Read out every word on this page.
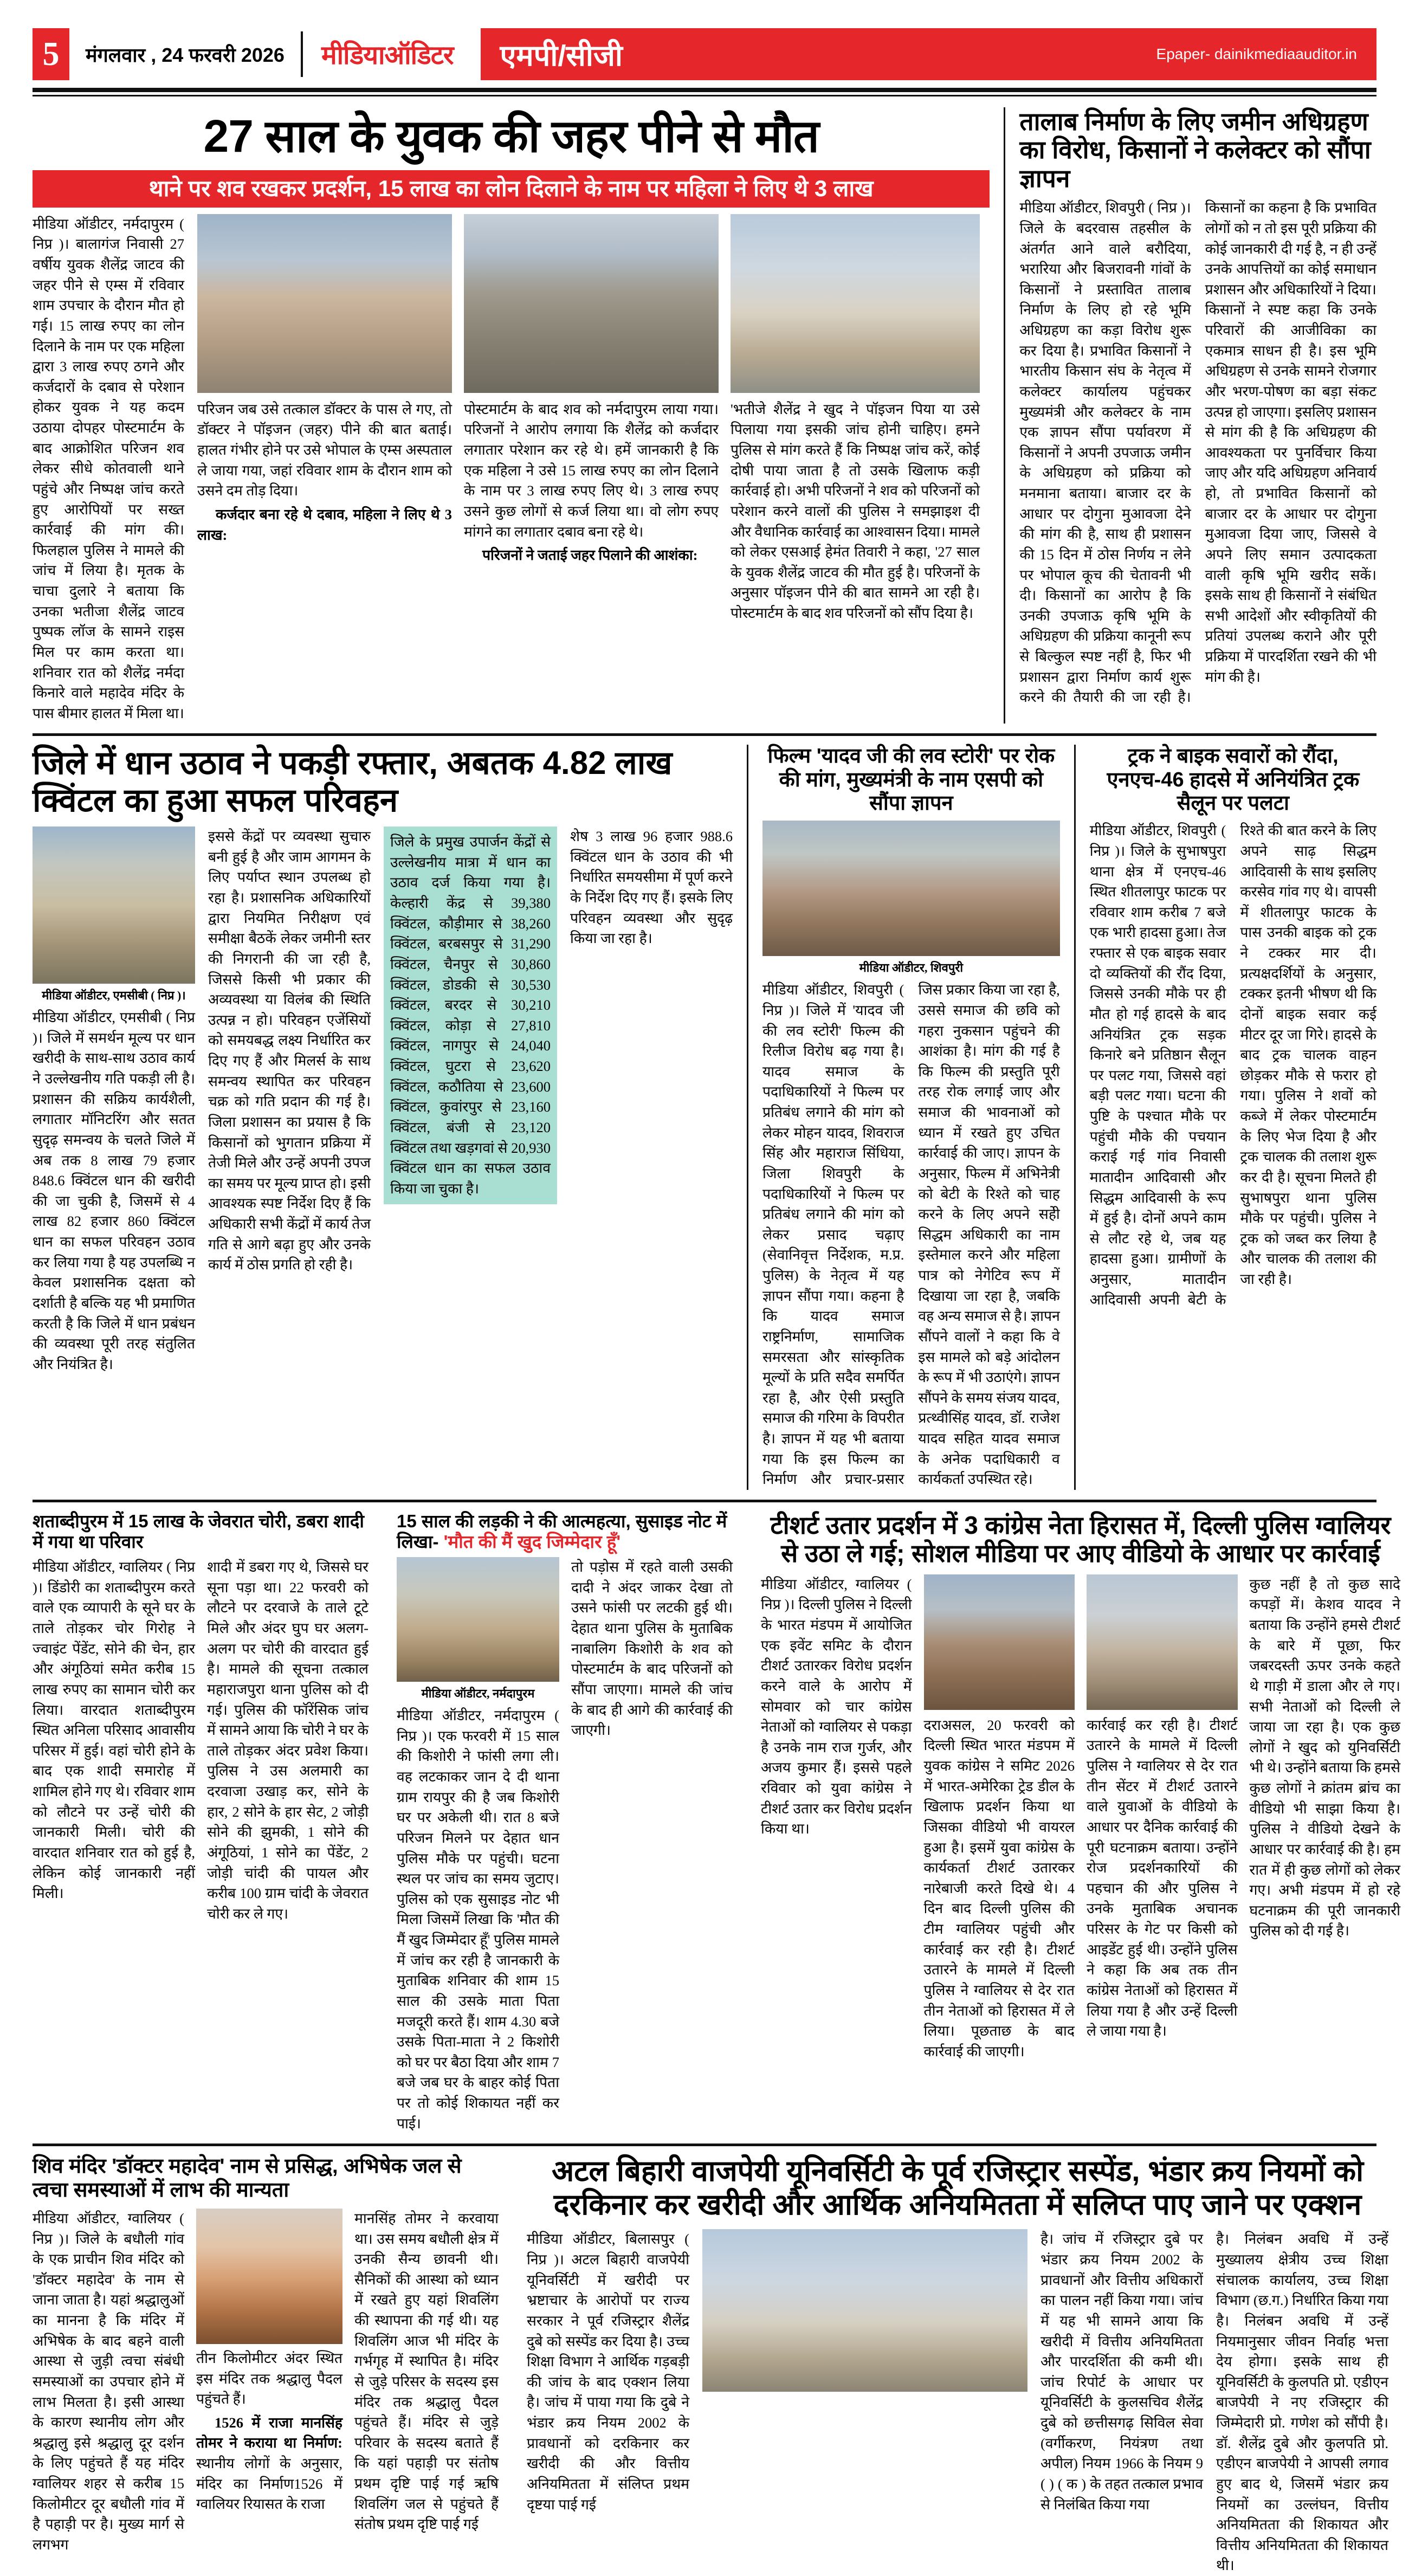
5	मंगलवार , 24 फरवरी 2026	मीडियाऑडिटर एमपी/सीजी	Epaper- dainikmediaauditor.in
27 साल के युवक की जहर पीने से मौत
थाने पर शव रखकर प्रदर्शन, 15 लाख का लोन दिलाने के नाम पर महिला ने लिए थे 3 लाख

मीडिया ऑडीटर, नर्मदापुरम ( निप्र )। बालागंज निवासी 27 वर्षीय युवक शैलेंद्र जाटव की जहर पीने से एम्स में रविवार शाम उपचार के दौरान मौत हो गई। 15 लाख रुपए का लोन दिलाने के नाम पर एक महिला द्वारा 3 लाख रुपए ठगने और कर्जदारों के दबाव से परेशान होकर युवक ने यह कदम उठाया दोपहर पोस्टमार्टम के बाद आक्रोशित परिजन शव लेकर सीधे कोतवाली थाने पहुंचे और निष्पक्ष जांच करते हुए आरोपियों पर सख्त कार्रवाई की मांग की। फिलहाल पुलिस ने मामले की जांच में लिया है। मृतक के चाचा दुलारे ने बताया कि उनका भतीजा शैलेंद्र जाटव पुष्पक लॉज के सामने राइस मिल पर काम करता था। शनिवार रात को शैलेंद्र नर्मदा किनारे वाले महादेव मंदिर के पास बीमार हालत में मिला था।

परिजन जब उसे तत्काल डॉक्टर के पास ले गए, तो डॉक्टर ने पॉइजन (जहर) पीने की बात बताई। हालत गंभीर होने पर उसे भोपाल के एम्स अस्पताल ले जाया गया, जहां रविवार शाम के दौरान शाम को उसने दम तोड़ दिया।

कर्जदार बना रहे थे दबाव, महिला ने लिए थे 3 लाख:

पोस्टमार्टम के बाद शव को नर्मदापुरम लाया गया। परिजनों ने आरोप लगाया कि शैलेंद्र को कर्जदार लगातार परेशान कर रहे थे। हमें जानकारी है कि एक महिला ने उसे 15 लाख रुपए का लोन दिलाने के नाम पर 3 लाख रुपए लिए थे। 3 लाख रुपए उसने कुछ लोगों से कर्ज लिया था। वो लोग रुपए मांगने का लगातार दबाव बना रहे थे।

परिजनों ने जताई जहर पिलाने की आशंका:

'भतीजे शैलेंद्र ने खुद ने पॉइजन पिया या उसे पिलाया गया इसकी जांच होनी चाहिए। हमने पुलिस से मांग करते हैं कि निष्पक्ष जांच करें, कोई दोषी पाया जाता है तो उसके खिलाफ कड़ी कार्रवाई हो। अभी परिजनों ने शव को परिजनों को परेशान करने वालों की पुलिस ने समझाइश दी और वैधानिक कार्रवाई का आश्वासन दिया। मामले को लेकर एसआई हेमंत तिवारी ने कहा, '27 साल के युवक शैलेंद्र जाटव की मौत हुई है। परिजनों के अनुसार पॉइजन पीने की बात सामने आ रही है। पोस्टमार्टम के बाद शव परिजनों को सौंप दिया है।

तालाब निर्माण के लिए जमीन अधिग्रहण का विरोध, किसानों ने कलेक्टर को सौंपा ज्ञापन

मीडिया ऑडीटर, शिवपुरी ( निप्र )। जिले के बदरवास तहसील के अंतर्गत आने वाले बरौदिया, भरारिया और बिजरावनी गांवों के किसानों ने प्रस्तावित तालाब निर्माण के लिए हो रहे भूमि अधिग्रहण का कड़ा विरोध शुरू कर दिया है। प्रभावित किसानों ने भारतीय किसान संघ के नेतृत्व में कलेक्टर कार्यालय पहुंचकर मुख्यमंत्री और कलेक्टर के नाम एक ज्ञापन सौंपा पर्यावरण में किसानों ने अपनी उपजाऊ जमीन के अधिग्रहण को प्रक्रिया को मनमाना बताया। बाजार दर के आधार पर दोगुना मुआवजा देने की मांग की है, साथ ही प्रशासन की 15 दिन में ठोस निर्णय न लेने पर भोपाल कूच की चेतावनी भी दी। किसानों का आरोप है कि उनकी उपजाऊ कृषि भूमि के अधिग्रहण की प्रक्रिया कानूनी रूप से बिल्कुल स्पष्ट नहीं है, फिर भी प्रशासन द्वारा निर्माण कार्य शुरू करने की तैयारी की जा रही है। किसानों का कहना है कि प्रभावित लोगों को न तो इस पूरी प्रक्रिया की कोई जानकारी दी गई है, न ही उन्हें उनके आपत्तियों का कोई समाधान प्रशासन और अधिकारियों ने दिया। किसानों ने स्पष्ट कहा कि उनके परिवारों की आजीविका का एकमात्र साधन ही है। इस भूमि अधिग्रहण से उनके सामने रोजगार और भरण-पोषण का बड़ा संकट उत्पन्न हो जाएगा। इसलिए प्रशासन से मांग की है कि अधिग्रहण की आवश्यकता पर पुनर्विचार किया जाए और यदि अधिग्रहण अनिवार्य हो, तो प्रभावित किसानों को बाजार दर के आधार पर दोगुना मुआवजा दिया जाए, जिससे वे अपने लिए समान उत्पादकता वाली कृषि भूमि खरीद सकें। इसके साथ ही किसानों ने संबंधित सभी आदेशों और स्वीकृतियों की प्रतियां उपलब्ध कराने और पूरी प्रक्रिया में पारदर्शिता रखने की भी मांग की है।

जिले में धान उठाव ने पकड़ी रफ्तार, अबतक 4.82 लाख क्विंटल का हुआ सफल परिवहन
मीडिया ऑडीटर, एमसीबी ( निप्र )।

मीडिया ऑडीटर, एमसीबी ( निप्र )। जिले में समर्थन मूल्य पर धान खरीदी के साथ-साथ उठाव कार्य ने उल्लेखनीय गति पकड़ी ली है। प्रशासन की सक्रिय कार्यशैली, लगातार मॉनिटरिंग और सतत सुदृढ़ समन्वय के चलते जिले में अब तक 8 लाख 79 हजार 848.6 क्विंटल धान की खरीदी की जा चुकी है, जिसमें से 4 लाख 82 हजार 860 क्विंटल धान का सफल परिवहन उठाव कर लिया गया है यह उपलब्धि न केवल प्रशासनिक दक्षता को दर्शाती है बल्कि यह भी प्रमाणित करती है कि जिले में धान प्रबंधन की व्यवस्था पूरी तरह संतुलित और नियंत्रित है।

इससे केंद्रों पर व्यवस्था सुचारु बनी हुई है और जाम आगमन के लिए पर्याप्त स्थान उपलब्ध हो रहा है। प्रशासनिक अधिकारियों द्वारा नियमित निरीक्षण एवं समीक्षा बैठकें लेकर जमीनी स्तर की निगरानी की जा रही है, जिससे किसी भी प्रकार की अव्यवस्था या विलंब की स्थिति उत्पन्न न हो। परिवहन एजेंसियों को समयबद्ध लक्ष्य निर्धारित कर दिए गए हैं और मिलर्स के साथ समन्वय स्थापित कर परिवहन चक्र को गति प्रदान की गई है। जिला प्रशासन का प्रयास है कि किसानों को भुगतान प्रक्रिया में तेजी मिले और उन्हें अपनी उपज का समय पर मूल्य प्राप्त हो। इसी आवश्यक स्पष्ट निर्देश दिए हैं कि अधिकारी सभी केंद्रों में कार्य तेज गति से आगे बढ़ा हुए और उनके कार्य में ठोस प्रगति हो रही है।

जिले के प्रमुख उपार्जन केंद्रों से उल्लेखनीय मात्रा में धान का उठाव दर्ज किया गया है। केल्हारी केंद्र से 39,380 क्विंटल, कौड़ीमार से 38,260 क्विंटल, बरबसपुर से 31,290 क्विंटल, चैनपुर से 30,860 क्विंटल, डोडकी से 30,530 क्विंटल, बरदर से 30,210 क्विंटल, कोड़ा से 27,810 क्विंटल, नागपुर से 24,040 क्विंटल, घुटरा से 23,620 क्विंटल, कठौतिया से 23,600 क्विंटल, कुवांरपुर से 23,160 क्विंटल, बंजी से 23,120 क्विंटल तथा खड़गवां से 20,930 क्विंटल धान का सफल उठाव किया जा चुका है।

शेष 3 लाख 96 हजार 988.6 क्विंटल धान के उठाव की भी निर्धारित समयसीमा में पूर्ण करने के निर्देश दिए गए हैं। इसके लिए परिवहन व्यवस्था और सुदृढ़ किया जा रहा है।

फिल्म 'यादव जी की लव स्टोरी' पर रोक की मांग, मुख्यमंत्री के नाम एसपी को सौंपा ज्ञापन
मीडिया ऑडीटर, शिवपुरी

मीडिया ऑडीटर, शिवपुरी ( निप्र )। जिले में 'यादव जी की लव स्टोरी' फिल्म की रिलीज विरोध बढ़ गया है। यादव समाज के पदाधिकारियों ने फिल्म पर प्रतिबंध लगाने की मांग को लेकर मोहन यादव, शिवराज सिंह और महाराज सिंधिया, जिला शिवपुरी के पदाधिकारियों ने फिल्म पर प्रतिबंध लगाने की मांग को लेकर प्रसाद चढ़ाए (सेवानिवृत्त निर्देशक, म.प्र. पुलिस) के नेतृत्व में यह ज्ञापन सौंपा गया। कहना है कि यादव समाज राष्ट्रनिर्माण, सामाजिक समरसता और सांस्कृतिक मूल्यों के प्रति सदैव समर्पित रहा है, और ऐसी प्रस्तुति समाज की गरिमा के विपरीत है। ज्ञापन में यह भी बताया गया कि इस फिल्म का निर्माण और प्रचार-प्रसार जिस प्रकार किया जा रहा है, उससे समाज की छवि को गहरा नुकसान पहुंचने की आशंका है। मांग की गई है कि फिल्म की प्रस्तुति पूरी तरह रोक लगाई जाए और समाज की भावनाओं को ध्यान में रखते हुए उचित कार्रवाई की जाए। ज्ञापन के अनुसार, फिल्म में अभिनेत्री को बेटी के रिश्ते को चाह करने के लिए अपने सहेी सिद्धम अधिकारी का नाम इस्तेमाल करने और महिला पात्र को नेगेटिव रूप में दिखाया जा रहा है, जबकि वह अन्य समाज से है। ज्ञापन सौंपने वालों ने कहा कि वे इस मामले को बड़े आंदोलन के रूप में भी उठाएंगे। ज्ञापन सौंपने के समय संजय यादव, प्रत्थ्वीसिंह यादव, डॉ. राजेश यादव सहित यादव समाज के अनेक पदाधिकारी व कार्यकर्ता उपस्थित रहे।

ट्रक ने बाइक सवारों को रौंदा, एनएच-46 हादसे में अनियंत्रित ट्रक सैलून पर पलटा

मीडिया ऑडीटर, शिवपुरी ( निप्र )। जिले के सुभाषपुरा थाना क्षेत्र में एनएच-46 स्थित शीतलापुर फाटक पर रविवार शाम करीब 7 बजे एक भारी हादसा हुआ। तेज रफ्तार से एक बाइक सवार दो व्यक्तियों की रौंद दिया, जिससे उनकी मौके पर ही मौत हो गई हादसे के बाद अनियंत्रित ट्रक सड़क किनारे बने प्रतिष्ठान सैलून पर पलट गया, जिससे वहां बड़ी पलट गया। घटना की पुष्टि के पश्चात मौके पर पहुंची मौके की पचयान कराई गई गांव निवासी मातादीन आदिवासी और सिद्धम आदिवासी के रूप में हुई है। दोनों अपने काम से लौट रहे थे, जब यह हादसा हुआ। ग्रामीणों के अनुसार, मातादीन आदिवासी अपनी बेटी के रिश्ते की बात करने के लिए अपने साढ़ सिद्धम आदिवासी के साथ इसलिए करसेव गांव गए थे। वापसी में शीतलापुर फाटक के पास उनकी बाइक को ट्रक ने टक्कर मार दी। प्रत्यक्षदर्शियों के अनुसार, टक्कर इतनी भीषण थी कि दोनों बाइक सवार कई मीटर दूर जा गिरे। हादसे के बाद ट्रक चालक वाहन छोड़कर मौके से फरार हो गया। पुलिस ने शवों को कब्जे में लेकर पोस्टमार्टम के लिए भेज दिया है और ट्रक चालक की तलाश शुरू कर दी है। सूचना मिलते ही सुभाषपुरा थाना पुलिस मौके पर पहुंची। पुलिस ने ट्रक को जब्त कर लिया है और चालक की तलाश की जा रही है।

शताब्दीपुरम में 15 लाख के जेवरात चोरी, डबरा शादी में गया था परिवार

मीडिया ऑडीटर, ग्वालियर ( निप्र )। डिंडोरी का शताब्दीपुरम करते वाले एक व्यापारी के सूने घर के ताले तोड़कर चोर गिरोह ने ज्वाइंट पेंडेंट, सोने की चेन, हार और अंगूठियां समेत करीब 15 लाख रुपए का सामान चोरी कर लिया। वारदात शताब्दीपुरम स्थित अनिला परिसाद आवासीय परिसर में हुई। वहां चोरी होने के बाद एक शादी समारोह में शामिल होने गए थे। रविवार शाम को लौटने पर उन्हें चोरी की जानकारी मिली। चोरी की वारदात शनिवार रात को हुई है, लेकिन कोई जानकारी नहीं मिली।

शादी में डबरा गए थे, जिससे घर सूना पड़ा था। 22 फरवरी को लौटने पर दरवाजे के ताले टूटे मिले और अंदर घुप घर अलग-अलग पर चोरी की वारदात हुई है। मामले की सूचना तत्काल महाराजपुरा थाना पुलिस को दी गई। पुलिस की फॉरेंसिक जांच में सामने आया कि चोरी ने घर के ताले तोड़कर अंदर प्रवेश किया। पुलिस ने उस अलमारी का दरवाजा उखाड़ कर, सोने के हार, 2 सोने के हार सेट, 2 जोड़ी सोने की झुमकी, 1 सोने की अंगूठियां, 1 सोने का पेंडेंट, 2 जोड़ी चांदी की पायल और करीब 100 ग्राम चांदी के जेवरात चोरी कर ले गए।

15 साल की लड़की ने की आत्महत्या, सुसाइड नोट में लिखा- 'मौत की मैं खुद जिम्मेदार हूँ'
मीडिया ऑडीटर, नर्मदापुरम

मीडिया ऑडीटर, नर्मदापुरम ( निप्र )। एक फरवरी में 15 साल की किशोरी ने फांसी लगा ली। वह लटकाकर जान दे दी थाना ग्राम रायपुर की है जब किशोरी घर पर अकेली थी। रात 8 बजे परिजन मिलने पर देहात धान पुलिस मौके पर पहुंची। घटना स्थल पर जांच का समय जुटाए। पुलिस को एक सुसाइड नोट भी मिला जिसमें लिखा कि 'मौत की मैं खुद जिम्मेदार हूँ' पुलिस मामले में जांच कर रही है जानकारी के मुताबिक शनिवार की शाम 15 साल की उसके माता पिता मजदूरी करते हैं। शाम 4.30 बजे उसके पिता-माता ने 2 किशोरी को घर पर बैठा दिया और शाम 7 बजे जब घर के बाहर कोई पिता पर तो कोई शिकायत नहीं कर पाई।

तो पड़ोस में रहते वाली उसकी दादी ने अंदर जाकर देखा तो उसने फांसी पर लटकी हुई थी। देहात थाना पुलिस के मुताबिक नाबालिग किशोरी के शव को पोस्टमार्टम के बाद परिजनों को सौंपा जाएगा। मामले की जांच के बाद ही आगे की कार्रवाई की जाएगी।

टीशर्ट उतार प्रदर्शन में 3 कांग्रेस नेता हिरासत में, दिल्ली पुलिस ग्वालियर से उठा ले गई; सोशल मीडिया पर आए वीडियो के आधार पर कार्रवाई

मीडिया ऑडीटर, ग्वालियर ( निप्र )। दिल्ली पुलिस ने दिल्ली के भारत मंडपम में आयोजित एक इवेंट समिट के दौरान टीशर्ट उतारकर विरोध प्रदर्शन करने वाले के आरोप में सोमवार को चार कांग्रेस नेताओं को ग्वालियर से पकड़ा है उनके नाम राज गुर्जर, और अजय कुमार हैं। इससे पहले रविवार को युवा कांग्रेस ने टीशर्ट उतार कर विरोध प्रदर्शन किया था।

दराअसल, 20 फरवरी को दिल्ली स्थित भारत मंडपम में युवक कांग्रेस ने समिट 2026 में भारत-अमेरिका ट्रेड डील के खिलाफ प्रदर्शन किया था जिसका वीडियो भी वायरल हुआ है। इसमें युवा कांग्रेस के कार्यकर्ता टीशर्ट उतारकर नारेबाजी करते दिखे थे। 4 दिन बाद दिल्ली पुलिस की टीम ग्वालियर पहुंची और कार्रवाई कर रही है। टीशर्ट उतारने के मामले में दिल्ली पुलिस ने ग्वालियर से देर रात तीन नेताओं को हिरासत में ले लिया। पूछताछ के बाद कार्रवाई की जाएगी।

कार्रवाई कर रही है। टीशर्ट उतारने के मामले में दिल्ली पुलिस ने ग्वालियर से देर रात तीन सेंटर में टीशर्ट उतारने वाले युवाओं के वीडियो के आधार पर दैनिक कार्रवाई की पूरी घटनाक्रम बताया। उन्होंने रोज प्रदर्शनकारियों की पहचान की और पुलिस ने उनके मुताबिक अचानक परिसर के गेट पर किसी को आइडेंट हुई थी। उन्होंने पुलिस ने कहा कि अब तक तीन कांग्रेस नेताओं को हिरासत में लिया गया है और उन्हें दिल्ली ले जाया गया है।

कुछ नहीं है तो कुछ सादे कपड़ों में। केशव यादव ने बताया कि उन्होंने हमसे टीशर्ट के बारे में पूछा, फिर जबरदस्ती ऊपर उनके कहते थे गाड़ी में डाला और ले गए। सभी नेताओं को दिल्ली ले जाया जा रहा है। एक कुछ लोगों ने खुद को युनिवर्सिटी भी थे। उन्होंने बताया कि हमसे कुछ लोगों ने क्रांतम ब्रांच का वीडियो भी साझा किया है। पुलिस ने वीडियो देखने के आधार पर कार्रवाई की है। हम रात में ही कुछ लोगों को लेकर गए। अभी मंडपम में हो रहे घटनाक्रम की पूरी जानकारी पुलिस को दी गई है।

शिव मंदिर 'डॉक्टर महादेव' नाम से प्रसिद्ध, अभिषेक जल से त्वचा समस्याओं में लाभ की मान्यता

मीडिया ऑडीटर, ग्वालियर ( निप्र )। जिले के बधौली गांव के एक प्राचीन शिव मंदिर को 'डॉक्टर महादेव' के नाम से जाना जाता है। यहां श्रद्धालुओं का मानना है कि मंदिर में अभिषेक के बाद बहने वाली आस्था से जुड़ी त्वचा संबंधी समस्याओं का उपचार होने में लाभ मिलता है। इसी आस्था के कारण स्थानीय लोग और श्रद्धालु इसे श्रद्धालु दूर दर्शन के लिए पहुंचते हैं यह मंदिर ग्वालियर शहर से करीब 15 किलोमीटर दूर बधौली गांव में है पहाड़ी पर है। मुख्य मार्ग से लगभग

तीन किलोमीटर अंदर स्थित इस मंदिर तक श्रद्धालु पैदल पहुंचते हैं।

1526 में राजा मानसिंह तोमर ने कराया था निर्माण: स्थानीय लोगों के अनुसार, मंदिर का निर्माण1526 में ग्वालियर रियासत के राजा

मानसिंह तोमर ने करवाया था। उस समय बधौली क्षेत्र में उनकी सैन्य छावनी थी। सैनिकों की आस्था को ध्यान में रखते हुए यहां शिवलिंग की स्थापना की गई थी। यह शिवलिंग आज भी मंदिर के गर्भगृह में स्थापित है। मंदिर से जुड़े परिसर के सदस्य इस मंदिर तक श्रद्धालु पैदल पहुंचते हैं। मंदिर से जुड़े परिवार के सदस्य बताते हैं कि यहां पहाड़ी पर संतोष प्रथम दृष्टि पाई गई ऋषि शिवलिंग जल से पहुंचते हैं संतोष प्रथम दृष्टि पाई गई

अटल बिहारी वाजपेयी यूनिवर्सिटी के पूर्व रजिस्ट्रार सस्पेंड, भंडार क्रय नियमों को दरकिनार कर खरीदी और आर्थिक अनियमितता में सलिप्त पाए जाने पर एक्शन

मीडिया ऑडीटर, बिलासपुर ( निप्र )। अटल बिहारी वाजपेयी यूनिवर्सिटी में खरीदी पर भ्रष्टाचार के आरोपों पर राज्य सरकार ने पूर्व रजिस्ट्रार शैलेंद्र दुबे को सस्पेंड कर दिया है। उच्च शिक्षा विभाग ने आर्थिक गड़बड़ी की जांच के बाद एक्शन लिया है। जांच में पाया गया कि दुबे ने भंडार क्रय नियम 2002 के प्रावधानों को दरकिनार कर खरीदी की और वित्तीय अनियमितता में संलिप्त प्रथम दृष्टया पाई गई

है। जांच में रजिस्ट्रार दुबे पर भंडार क्रय नियम 2002 के प्रावधानों और वित्तीय अधिकारों का पालन नहीं किया गया। जांच में यह भी सामने आया कि खरीदी में वित्तीय अनियमितता और पारदर्शिता की कमी थी। जांच रिपोर्ट के आधार पर यूनिवर्सिटी के कुलसचिव शैलेंद्र दुबे को छत्तीसगढ़ सिविल सेवा (वर्गीकरण, नियंत्रण तथा अपील) नियम 1966 के नियम 9 ( ) ( क ) के तहत तत्काल प्रभाव से निलंबित किया गया

है। निलंबन अवधि में उन्हें मुख्यालय क्षेत्रीय उच्च शिक्षा संचालक कार्यालय, उच्च शिक्षा विभाग (छ.ग.) निर्धारित किया गया है। निलंबन अवधि में उन्हें नियमानुसार जीवन निर्वाह भत्ता देय होगा। इसके साथ ही यूनिवर्सिटी के कुलपति प्रो. एडीएन बाजपेयी ने नए रजिस्ट्रार की जिम्मेदारी प्रो. गणेश को सौंपी है। डॉ. शैलेंद्र दुबे और कुलपति प्रो. एडीएन बाजपेयी ने आपसी लगाव हुए बाद थे, जिसमें भंडार क्रय नियमों का उल्लंघन, वित्तीय अनियमितता की शिकायत और वित्तीय अनियमितता की शिकायत थी।
